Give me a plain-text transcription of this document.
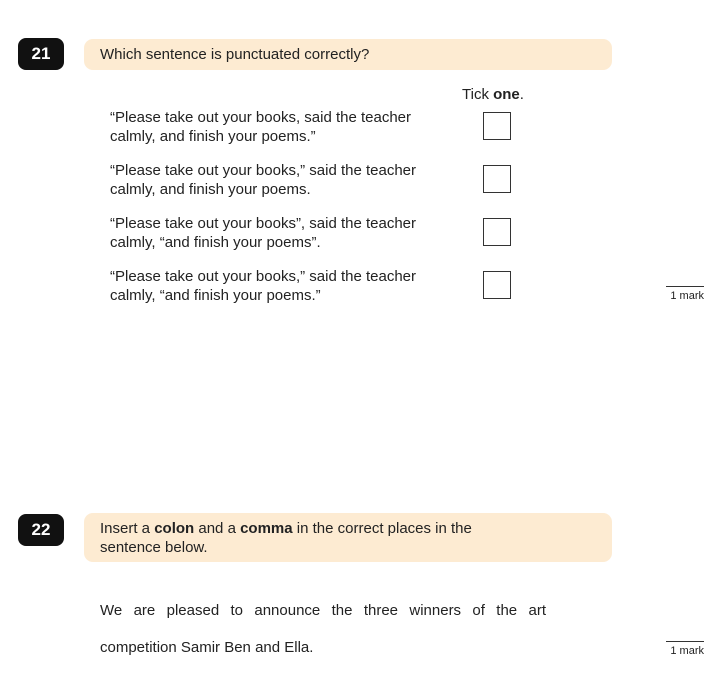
21	Which sentence is punctuated correctly?
Tick one.
“Please take out your books, said the teacher
calmly, and finish your poems.”
“Please take out your books,” said the teacher
calmly, and finish your poems.
“Please take out your books”, said the teacher
calmly, “and finish your poems”.
“Please take out your books,” said the teacher
calmly, “and finish your poems.”	1 mark
22	Insert a colon and a comma in the correct places in the
sentence below.
We are pleased to announce the three winners of the art
competition Samir Ben and Ella.	1 mark
